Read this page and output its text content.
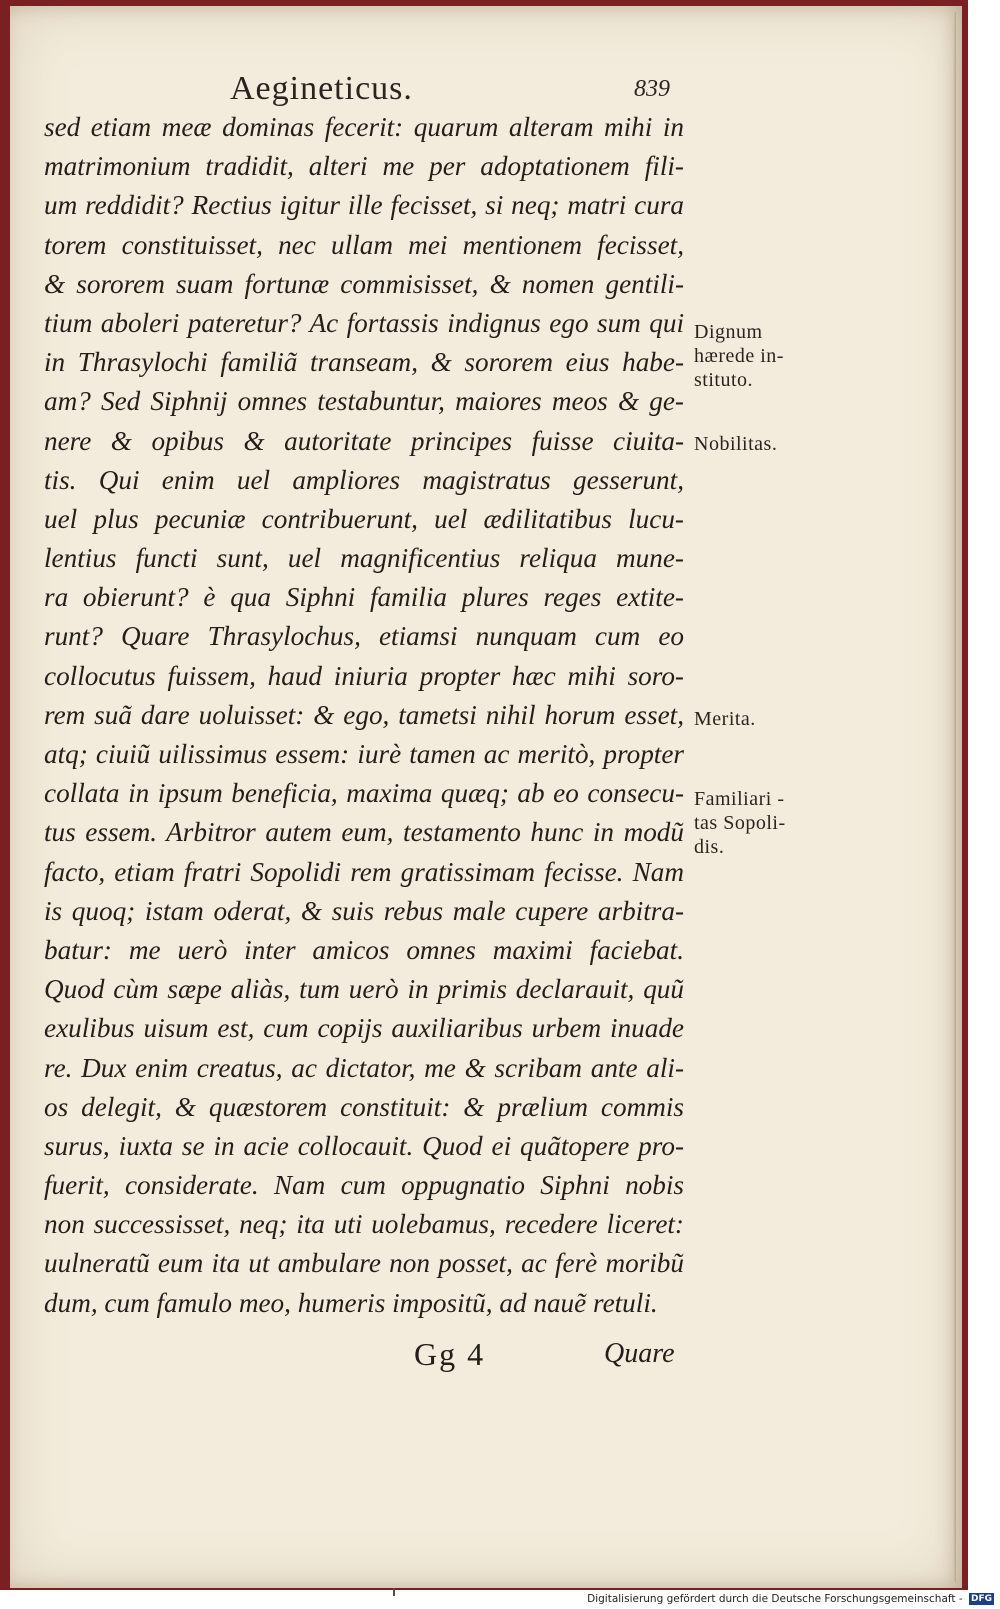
Aegineticus.	839
sed etiam meæ dominas fecerit: quarum alteram mihi in
matrimonium tradidit, alteri me per adoptationem fili-
um reddidit? Rectius igitur ille fecisset, si neq; matri cura
torem constituisset, nec ullam mei mentionem fecisset,
& sororem suam fortunæ commisisset, & nomen gentili-
tium aboleri pateretur? Ac fortassis indignus ego sum qui
in Thrasylochi familiã transeam, & sororem eius habe-
am? Sed Siphnij omnes testabuntur, maiores meos & ge-
nere & opibus & autoritate principes fuisse ciuita-
tis. Qui enim uel ampliores magistratus gesserunt,
uel plus pecuniæ contribuerunt, uel ædilitatibus lucu-
lentius functi sunt, uel magnificentius reliqua mune-
ra obierunt? è qua Siphni familia plures reges extite-
runt? Quare Thrasylochus, etiamsi nunquam cum eo
collocutus fuissem, haud iniuria propter hæc mihi soro-
rem suã dare uoluisset: & ego, tametsi nihil horum esset,
atq; ciuiũ uilissimus essem: iurè tamen ac meritò, propter
collata in ipsum beneficia, maxima quæq; ab eo consecu-
tus essem. Arbitror autem eum, testamento hunc in modũ
facto, etiam fratri Sopolidi rem gratissimam fecisse. Nam
is quoq; istam oderat, & suis rebus male cupere arbitra-
batur: me uerò inter amicos omnes maximi faciebat.
Quod cùm sæpe aliàs, tum uerò in primis declarauit, quũ
exulibus uisum est, cum copijs auxiliaribus urbem inuade
re. Dux enim creatus, ac dictator, me & scribam ante ali-
os delegit, & quæstorem constituit: & prælium commis
surus, iuxta se in acie collocauit. Quod ei quãtopere pro-
fuerit, considerate. Nam cum oppugnatio Siphni nobis
non successisset, neq; ita uti uolebamus, recedere liceret:
uulneratũ eum ita ut ambulare non posset, ac ferè moribũ
dum, cum famulo meo, humeris impositũ, ad nauẽ retuli.
Dignum
hærede in-
stituto.
Nobilitas.
Merita.
Familiari -
tas Sopoli-
dis.
Gg 4	Quare
Digitalisierung gefördert durch die Deutsche Forschungsgemeinschaft - DFG
